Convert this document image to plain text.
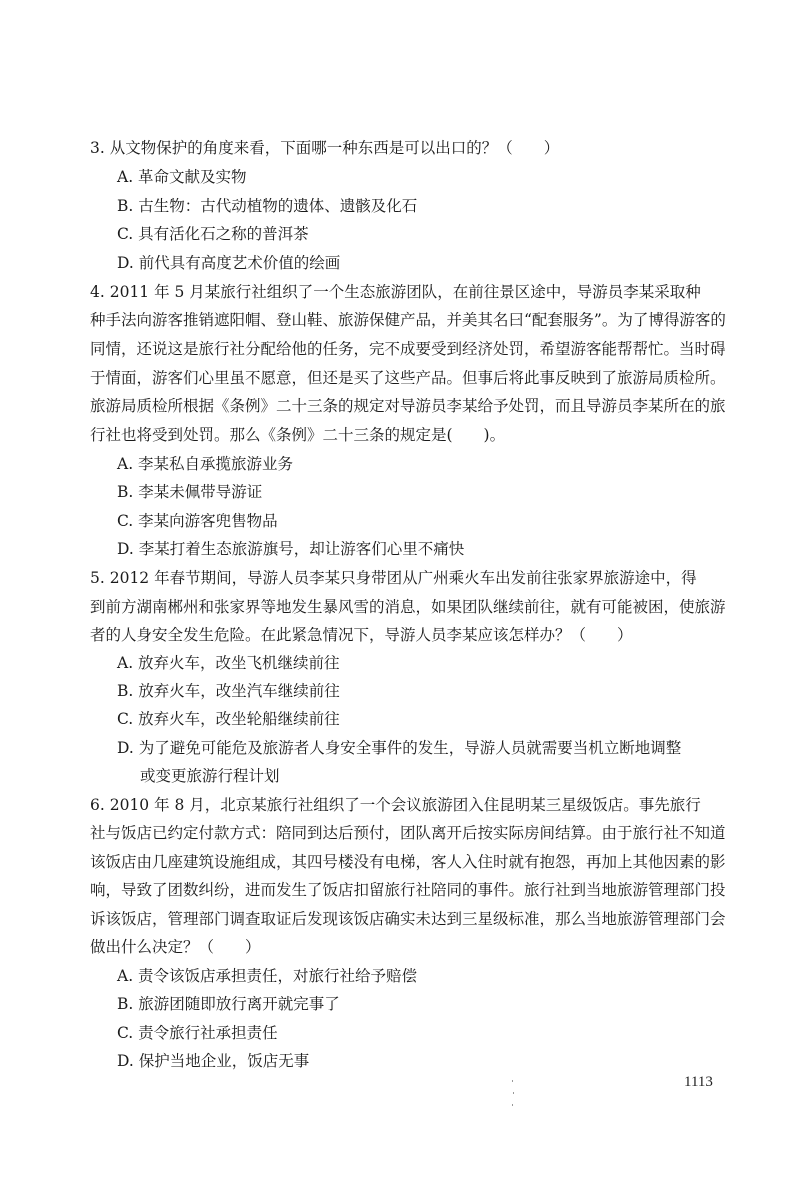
3. 从文物保护的角度来看，下面哪一种东西是可以出口的？（　　）
A. 革命文献及实物
B. 古生物：古代动植物的遗体、遗骸及化石
C. 具有活化石之称的普洱茶
D. 前代具有高度艺术价值的绘画
4. 2011 年 5 月某旅行社组织了一个生态旅游团队，在前往景区途中，导游员李某采取种
种手法向游客推销遮阳帽、登山鞋、旅游保健产品，并美其名曰“配套服务”。为了博得游客的
同情，还说这是旅行社分配给他的任务，完不成要受到经济处罚，希望游客能帮帮忙。当时碍
于情面，游客们心里虽不愿意，但还是买了这些产品。但事后将此事反映到了旅游局质检所。
旅游局质检所根据《条例》二十三条的规定对导游员李某给予处罚，而且导游员李某所在的旅
行社也将受到处罚。那么《条例》二十三条的规定是(　　)。
A. 李某私自承揽旅游业务
B. 李某未佩带导游证
C. 李某向游客兜售物品
D. 李某打着生态旅游旗号，却让游客们心里不痛快
5. 2012 年春节期间，导游人员李某只身带团从广州乘火车出发前往张家界旅游途中，得
到前方湖南郴州和张家界等地发生暴风雪的消息，如果团队继续前往，就有可能被困，使旅游
者的人身安全发生危险。在此紧急情况下，导游人员李某应该怎样办？（　　）
A. 放弃火车，改坐飞机继续前往
B. 放弃火车，改坐汽车继续前往
C. 放弃火车，改坐轮船继续前往
D. 为了避免可能危及旅游者人身安全事件的发生，导游人员就需要当机立断地调整
或变更旅游行程计划
6. 2010 年 8 月，北京某旅行社组织了一个会议旅游团入住昆明某三星级饭店。事先旅行
社与饭店已约定付款方式：陪同到达后预付，团队离开后按实际房间结算。由于旅行社不知道
该饭店由几座建筑设施组成，其四号楼没有电梯，客人入住时就有抱怨，再加上其他因素的影
响，导致了团数纠纷，进而发生了饭店扣留旅行社陪同的事件。旅行社到当地旅游管理部门投
诉该饭店，管理部门调查取证后发现该饭店确实未达到三星级标准，那么当地旅游管理部门会
做出什么决定？（　　）
A. 责令该饭店承担责任，对旅行社给予赔偿
B. 旅游团随即放行离开就完事了
C. 责令旅行社承担责任
D. 保护当地企业，饭店无事
1113
